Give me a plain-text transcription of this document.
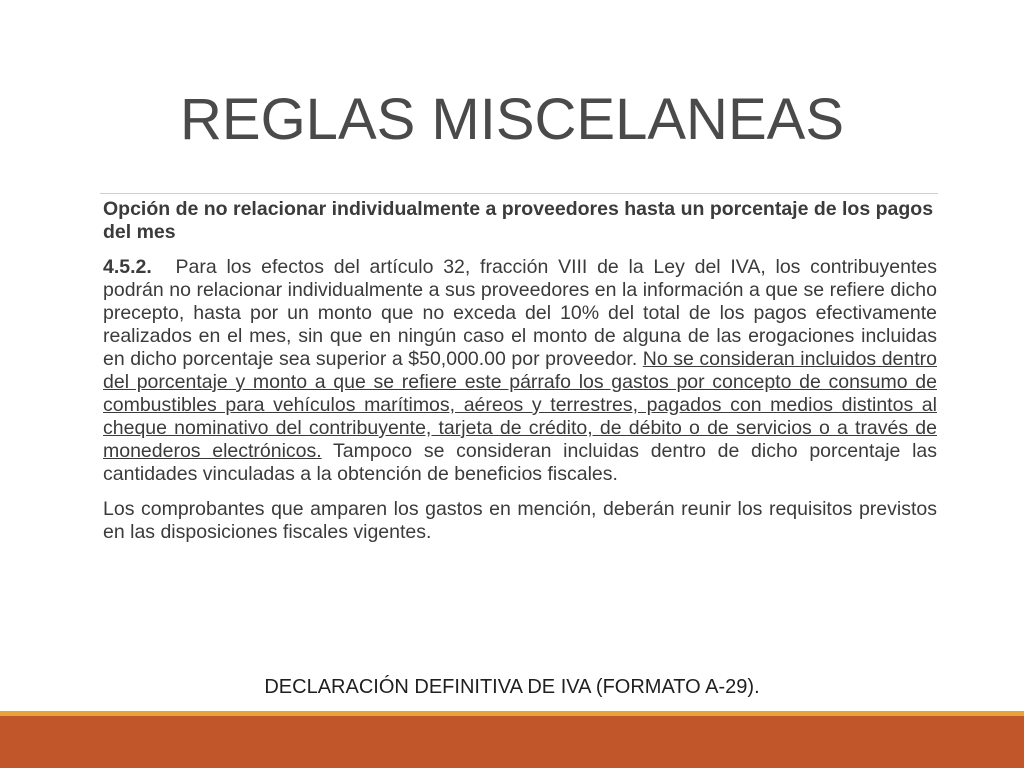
REGLAS MISCELANEAS
Opción de no relacionar individualmente a proveedores hasta un porcentaje de los pagos del mes
4.5.2. Para los efectos del artículo 32, fracción VIII de la Ley del IVA, los contribuyentes podrán no relacionar individualmente a sus proveedores en la información a que se refiere dicho precepto, hasta por un monto que no exceda del 10% del total de los pagos efectivamente realizados en el mes, sin que en ningún caso el monto de alguna de las erogaciones incluidas en dicho porcentaje sea superior a $50,000.00 por proveedor. No se consideran incluidos dentro del porcentaje y monto a que se refiere este párrafo los gastos por concepto de consumo de combustibles para vehículos marítimos, aéreos y terrestres, pagados con medios distintos al cheque nominativo del contribuyente, tarjeta de crédito, de débito o de servicios o a través de monederos electrónicos. Tampoco se consideran incluidas dentro de dicho porcentaje las cantidades vinculadas a la obtención de beneficios fiscales.
Los comprobantes que amparen los gastos en mención, deberán reunir los requisitos previstos en las disposiciones fiscales vigentes.
DECLARACIÓN DEFINITIVA DE IVA (FORMATO A-29).
